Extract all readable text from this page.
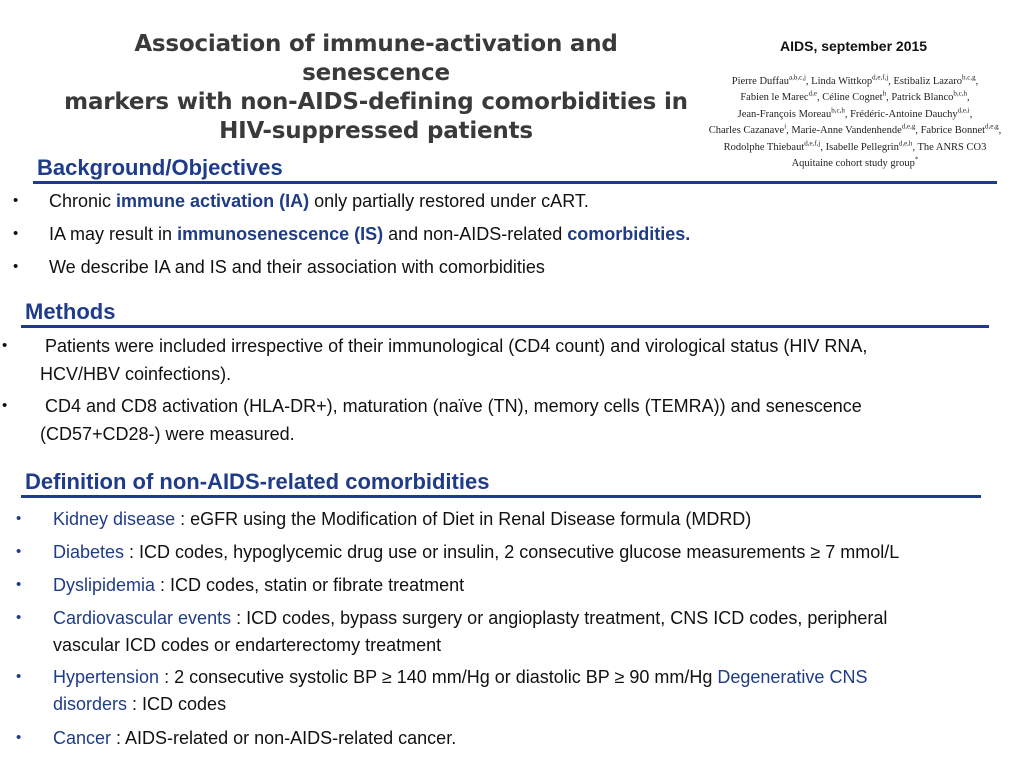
Association of immune-activation and senescence
markers with non-AIDS-defining comorbidities in
HIV-suppressed patients
AIDS, september 2015
Pierre Duffau$^{a,b,c,j}$, Linda Wittkop$^{d,e,f,j}$, Estibaliz Lazaro$^{b,c,g}$,
Fabien le Marec$^{d,e}$, Céline Cognet$^h$, Patrick Blanco$^{b,c,h}$,
Jean-François Moreau$^{b,c,h}$, Frédéric-Antoine Dauchy$^{d,e,i}$,
Charles Cazanave$^i$, Marie-Anne Vandenhende$^{d,e,g}$, Fabrice Bonnet$^{d,e,g}$,
Rodolphe Thiebaut$^{d,e,f,j}$, Isabelle Pellegrin$^{d,e,h}$, The ANRS CO3
Aquitaine cohort study group*
Background/Objectives
• Chronic immune activation (IA) only partially restored under cART.
• IA may result in immunosenescence (IS) and non-AIDS-related comorbidities.
• We describe IA and IS and their association with comorbidities
Methods
• Patients were included irrespective of their immunological (CD4 count) and virological status (HIV RNA,
HCV/HBV coinfections).
• CD4 and CD8 activation (HLA-DR+), maturation (naïve (TN), memory cells (TEMRA)) and senescence
(CD57+CD28-) were measured.
Definition of non-AIDS-related comorbidities
• Kidney disease : eGFR using the Modification of Diet in Renal Disease formula (MDRD)
• Diabetes : ICD codes, hypoglycemic drug use or insulin, 2 consecutive glucose measurements ≥ 7 mmol/L
• Dyslipidemia : ICD codes, statin or fibrate treatment
• Cardiovascular events : ICD codes, bypass surgery or angioplasty treatment, CNS ICD codes, peripheral
vascular ICD codes or endarterectomy treatment
• Hypertension : 2 consecutive systolic BP ≥ 140 mm/Hg or diastolic BP ≥ 90 mm/Hg Degenerative CNS
disorders : ICD codes
• Cancer : AIDS-related or non-AIDS-related cancer.
